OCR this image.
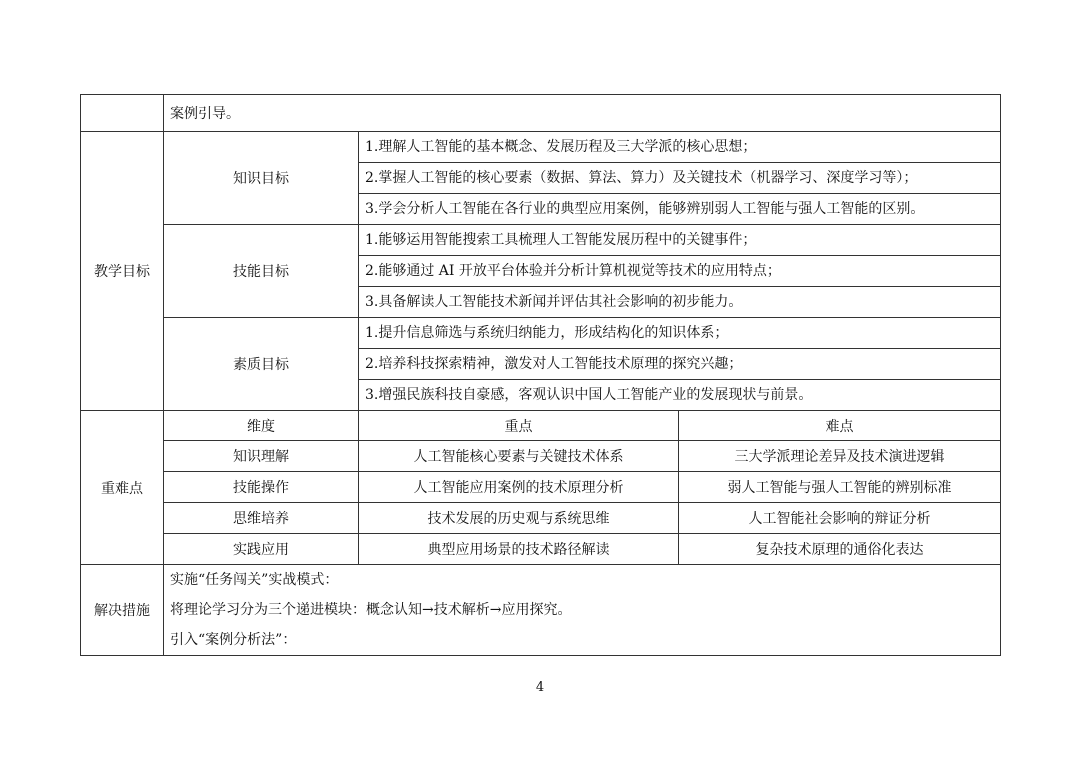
	案例引导。		
教学目标	知识目标	1.理解人工智能的基本概念、发展历程及三大学派的核心思想；
2.掌握人工智能的核心要素（数据、算法、算力）及关键技术（机器学习、深度学习等）；
3.学会分析人工智能在各行业的典型应用案例，能够辨别弱人工智能与强人工智能的区别。	

	技能目标	1.能够运用智能搜索工具梳理人工智能发展历程中的关键事件；
2.能够通过 AI 开放平台体验并分析计算机视觉等技术的应用特点；
3.具备解读人工智能技术新闻并评估其社会影响的初步能力。	

	素质目标	1.提升信息筛选与系统归纳能力，形成结构化的知识体系；
2.培养科技探索精神，激发对人工智能技术原理的探究兴趣；
3.增强民族科技自豪感，客观认识中国人工智能产业的发展现状与前景。	

重难点	维度	重点	难点
	知识理解	人工智能核心要素与关键技术体系	三大学派理论差异及技术演进逻辑
	技能操作	人工智能应用案例的技术原理分析	弱人工智能与强人工智能的辨别标准
	思维培养	技术发展的历史观与系统思维	人工智能社会影响的辩证分析
	实践应用	典型应用场景的技术路径解读	复杂技术原理的通俗化表达
解决措施	实施“任务闯关”实战模式：
将理论学习分为三个递进模块：概念认知→技术解析→应用探究。
引入“案例分析法”：		
4
